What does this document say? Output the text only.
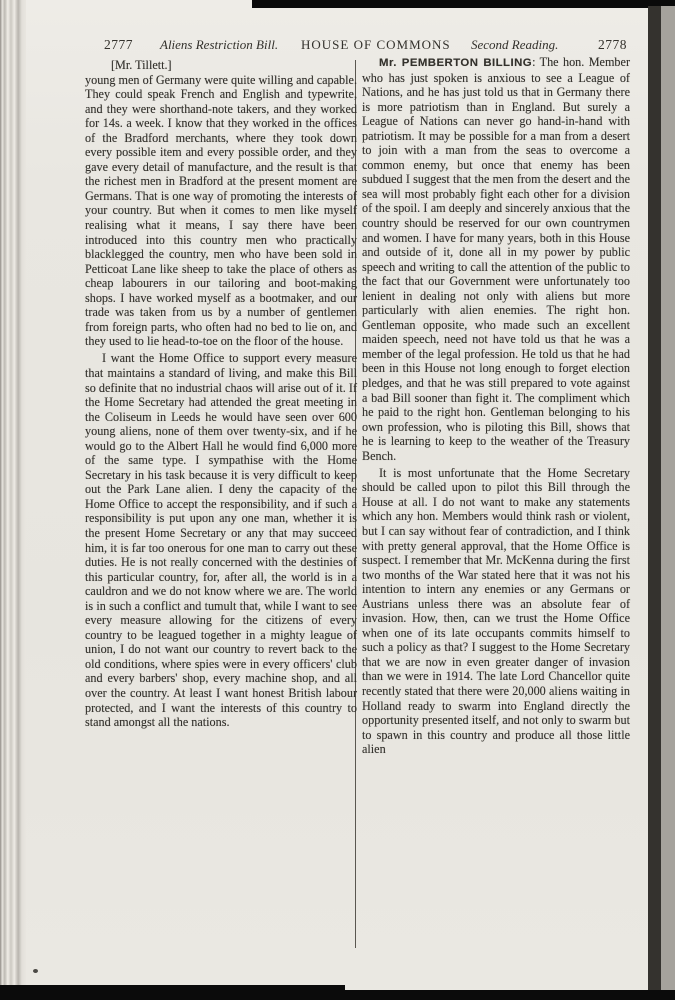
2777 Aliens Restriction Bill. HOUSE OF COMMONS Second Reading.	2778

[Mr. Tillett.]

young men of Germany were quite willing and capable. They could speak French and English and typewrite, and they were shorthand-note takers, and they worked for 14s. a week. I know that they worked in the offices of the Bradford merchants, where they took down every possible item and every possible order, and they gave every detail of manufacture, and the result is that the richest men in Bradford at the present moment are Germans. That is one way of promoting the interests of your country. But when it comes to men like myself realising what it means, I say there have been introduced into this country men who practically blacklegged the country, men who have been sold in Petticoat Lane like sheep to take the place of others as cheap labourers in our tailoring and boot-making shops. I have worked myself as a bootmaker, and our trade was taken from us by a number of gentlemen from foreign parts, who often had no bed to lie on, and they used to lie head-to-toe on the floor of the house.

I want the Home Office to support every measure that maintains a standard of living, and make this Bill so definite that no industrial chaos will arise out of it. If the Home Secretary had attended the great meeting in the Coliseum in Leeds he would have seen over 600 young aliens, none of them over twenty-six, and if he would go to the Albert Hall he would find 6,000 more of the same type. I sympathise with the Home Secretary in his task because it is very difficult to keep out the Park Lane alien. I deny the capacity of the Home Office to accept the responsibility, and if such a responsibility is put upon any one man, whether it is the present Home Secretary or any that may succeed him, it is far too onerous for one man to carry out these duties. He is not really concerned with the destinies of this particular country, for, after all, the world is in a cauldron and we do not know where we are. The world is in such a conflict and tumult that, while I want to see every measure allowing for the citizens of every country to be leagued together in a mighty league of union, I do not want our country to revert back to the old conditions, where spies were in every officers' club and every barbers' shop, every machine shop, and all over the country. At least I want honest British labour protected, and I want the interests of this country to stand amongst all the nations.

Mr. PEMBERTON BILLING: The hon. Member who has just spoken is anxious to see a League of Nations, and he has just told us that in Germany there is more patriotism than in England. But surely a League of Nations can never go hand-in-hand with patriotism. It may be possible for a man from a desert to join with a man from the seas to overcome a common enemy, but once that enemy has been subdued I suggest that the men from the desert and the sea will most probably fight each other for a division of the spoil. I am deeply and sincerely anxious that the country should be reserved for our own countrymen and women. I have for many years, both in this House and outside of it, done all in my power by public speech and writing to call the attention of the public to the fact that our Government were unfortunately too lenient in dealing not only with aliens but more particularly with alien enemies. The right hon. Gentleman opposite, who made such an excellent maiden speech, need not have told us that he was a member of the legal profession. He told us that he had been in this House not long enough to forget election pledges, and that he was still prepared to vote against a bad Bill sooner than fight it. The compliment which he paid to the right hon. Gentleman belonging to his own profession, who is piloting this Bill, shows that he is learning to keep to the weather of the Treasury Bench.

It is most unfortunate that the Home Secretary should be called upon to pilot this Bill through the House at all. I do not want to make any statements which any hon. Members would think rash or violent, but I can say without fear of contradiction, and I think with pretty general approval, that the Home Office is suspect. I remember that Mr. McKenna during the first two months of the War stated here that it was not his intention to intern any enemies or any Germans or Austrians unless there was an absolute fear of invasion. How, then, can we trust the Home Office when one of its late occupants commits himself to such a policy as that? I suggest to the Home Secretary that we are now in even greater danger of invasion than we were in 1914. The late Lord Chancellor quite recently stated that there were 20,000 aliens waiting in Holland ready to swarm into England directly the opportunity presented itself, and not only to swarm but to spawn in this country and produce all those little alien
